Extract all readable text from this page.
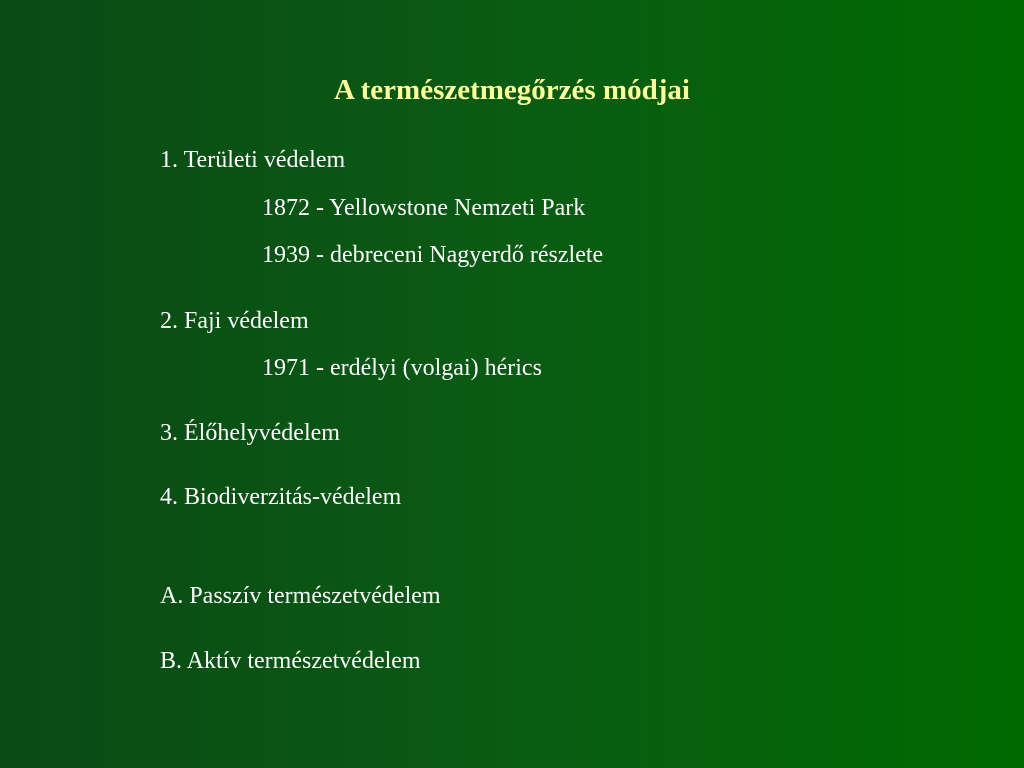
A természetmegőrzés módjai
1. Területi védelem
1872 - Yellowstone Nemzeti Park
1939 - debreceni Nagyerdő részlete
2. Faji védelem
1971 - erdélyi (volgai) hérics
3. Élőhelyvédelem
4. Biodiverzitás-védelem
A. Passzív természetvédelem
B. Aktív természetvédelem
